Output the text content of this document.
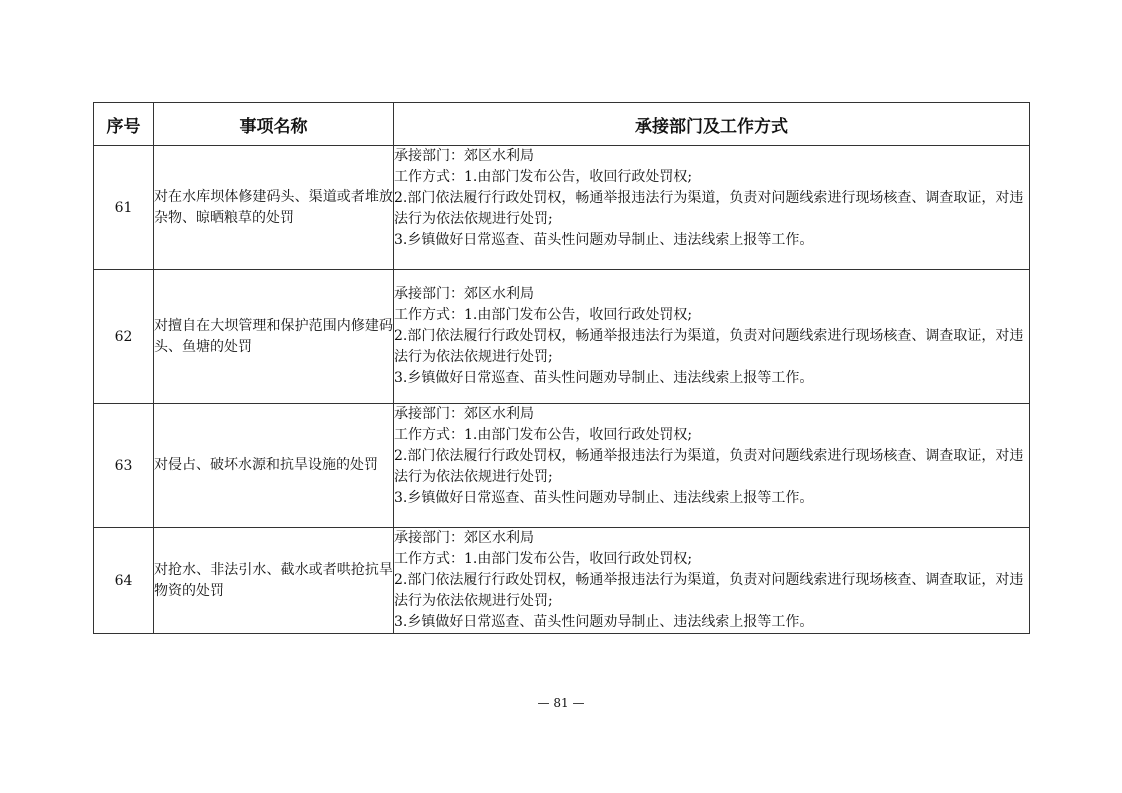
序号	事项名称	承接部门及工作方式
61	对在水库坝体修建码头、渠道或者堆放杂物、晾晒粮草的处罚	承接部门：郊区水利局
工作方式：1.由部门发布公告，收回行政处罚权;
2.部门依法履行行政处罚权，畅通举报违法行为渠道，负责对问题线索进行现场核查、调查取证，对违法行为依法依规进行处罚;
3.乡镇做好日常巡查、苗头性问题劝导制止、违法线索上报等工作。

62	对擅自在大坝管理和保护范围内修建码头、鱼塘的处罚	承接部门：郊区水利局
工作方式：1.由部门发布公告，收回行政处罚权;
2.部门依法履行行政处罚权，畅通举报违法行为渠道，负责对问题线索进行现场核查、调查取证，对违法行为依法依规进行处罚;
3.乡镇做好日常巡查、苗头性问题劝导制止、违法线索上报等工作。

63	对侵占、破坏水源和抗旱设施的处罚	承接部门：郊区水利局
工作方式：1.由部门发布公告，收回行政处罚权;
2.部门依法履行行政处罚权，畅通举报违法行为渠道，负责对问题线索进行现场核查、调查取证，对违法行为依法依规进行处罚;
3.乡镇做好日常巡查、苗头性问题劝导制止、违法线索上报等工作。

64	对抢水、非法引水、截水或者哄抢抗旱物资的处罚	承接部门：郊区水利局
工作方式：1.由部门发布公告，收回行政处罚权;
2.部门依法履行行政处罚权，畅通举报违法行为渠道，负责对问题线索进行现场核查、调查取证，对违法行为依法依规进行处罚;
3.乡镇做好日常巡查、苗头性问题劝导制止、违法线索上报等工作。
— 81 —
